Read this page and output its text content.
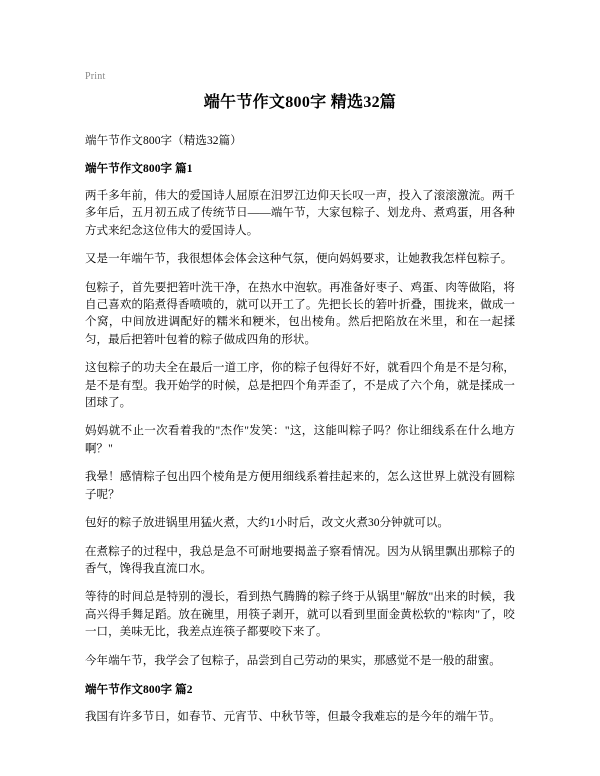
Print
端午节作文800字 精选32篇

端午节作文800字（精选32篇）

端午节作文800字 篇1

两千多年前，伟大的爱国诗人屈原在汨罗江边仰天长叹一声，投入了滚滚激流。两千多年后，五月初五成了传统节日——端午节，大家包粽子、划龙舟、煮鸡蛋，用各种方式来纪念这位伟大的爱国诗人。

又是一年端午节，我很想体会体会这种气氛，便向妈妈要求，让她教我怎样包粽子。

包粽子，首先要把箬叶洗干净，在热水中泡软。再准备好枣子、鸡蛋、肉等做陷，将自己喜欢的陷煮得香喷喷的，就可以开工了。先把长长的箬叶折叠，围拢来，做成一个窝，中间放进调配好的糯米和粳米，包出棱角。然后把陷放在米里，和在一起揉匀，最后把箬叶包着的粽子做成四角的形状。

这包粽子的功夫全在最后一道工序，你的粽子包得好不好，就看四个角是不是匀称，是不是有型。我开始学的时候，总是把四个角弄歪了，不是成了六个角，就是揉成一团球了。

妈妈就不止一次看着我的"杰作"发笑："这，这能叫粽子吗？你让细线系在什么地方啊？"

我晕！感情粽子包出四个棱角是方便用细线系着挂起来的，怎么这世界上就没有圆粽子呢？

包好的粽子放进锅里用猛火煮，大约1小时后，改文火煮30分钟就可以。

在煮粽子的过程中，我总是急不可耐地要揭盖子察看情况。因为从锅里飘出那粽子的香气，馋得我直流口水。

等待的时间总是特别的漫长，看到热气腾腾的粽子终于从锅里"解放"出来的时候，我高兴得手舞足蹈。放在碗里，用筷子剥开，就可以看到里面金黄松软的"粽肉"了，咬一口，美味无比，我差点连筷子都要咬下来了。

今年端午节，我学会了包粽子，品尝到自己劳动的果实，那感觉不是一般的甜蜜。

端午节作文800字 篇2

我国有许多节日，如春节、元宵节、中秋节等，但最令我难忘的是今年的端午节。
